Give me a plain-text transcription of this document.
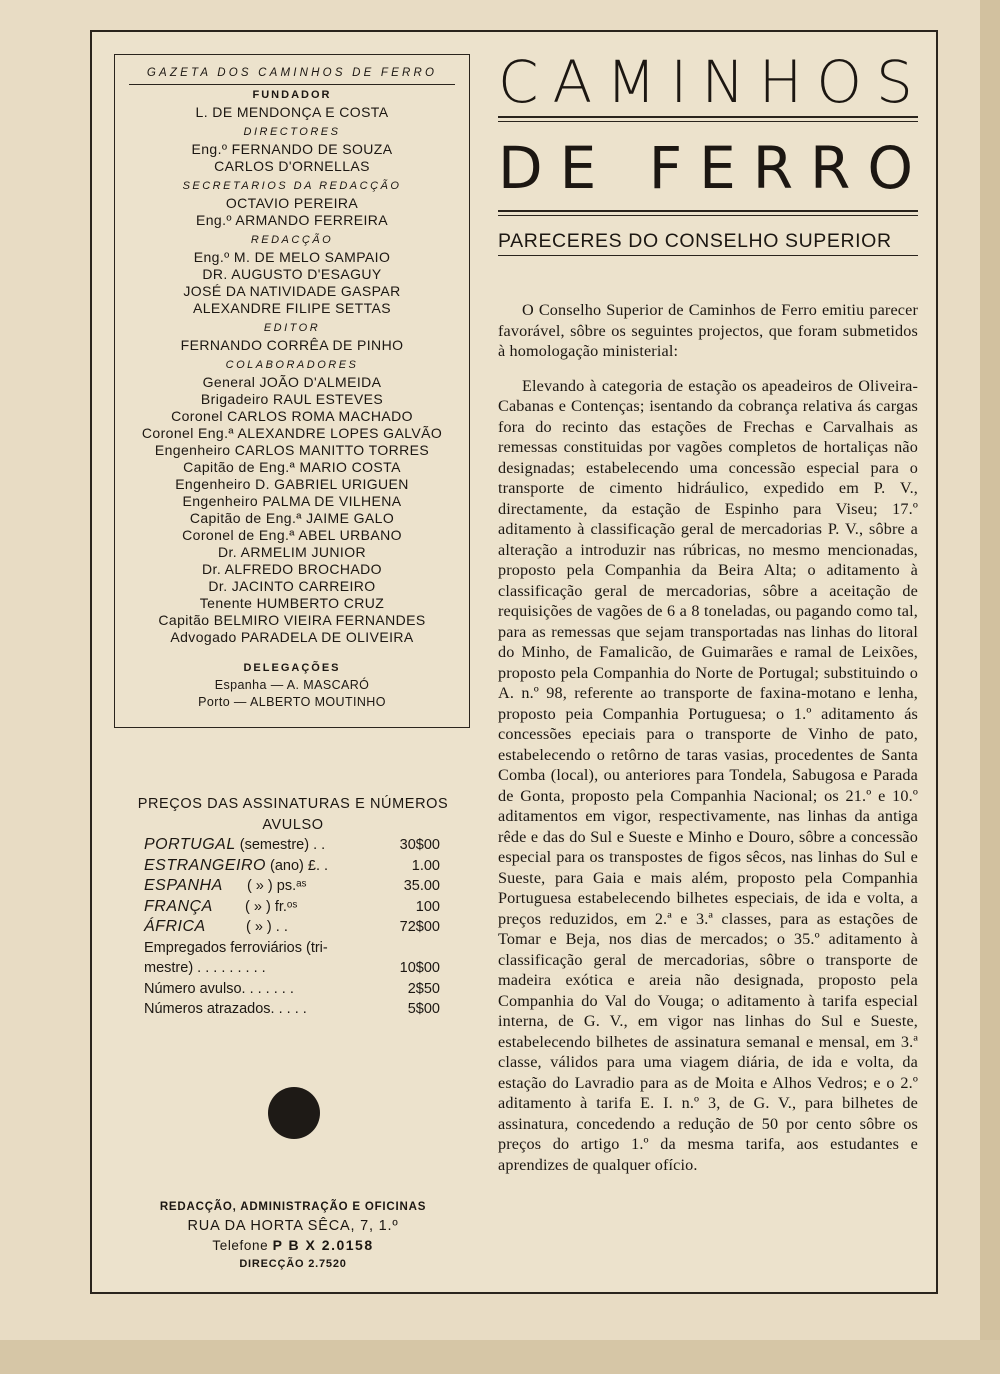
GAZETA DOS CAMINHOS DE FERRO
FUNDADOR
L. DE MENDONÇA E COSTA
DIRECTORES
Eng.º FERNANDO DE SOUZA
CARLOS D'ORNELLAS
SECRETARIOS DA REDACÇÃO
OCTAVIO PEREIRA
Eng.º ARMANDO FERREIRA
REDACÇÃO
Eng.º M. DE MELO SAMPAIO
DR. AUGUSTO D'ESAGUY
JOSÉ DA NATIVIDADE GASPAR
ALEXANDRE FILIPE SETTAS
EDITOR
FERNANDO CORRÊA DE PINHO
COLABORADORES
General JOÃO D'ALMEIDA
Brigadeiro RAUL ESTEVES
Coronel CARLOS ROMA MACHADO
Coronel Eng.ª ALEXANDRE LOPES GALVÃO
Engenheiro CARLOS MANITTO TORRES
Capitão de Eng.ª MARIO COSTA
Engenheiro D. GABRIEL URIGUEN
Engenheiro PALMA DE VILHENA
Capitão de Eng.ª JAIME GALO
Coronel de Eng.ª ABEL URBANO
Dr. ARMELIM JUNIOR
Dr. ALFREDO BROCHADO
Dr. JACINTO CARREIRO
Tenente HUMBERTO CRUZ
Capitão BELMIRO VIEIRA FERNANDES
Advogado PARADELA DE OLIVEIRA
DELEGAÇÕES
Espanha — A. MASCARÓ
Porto — ALBERTO MOUTINHO
PREÇOS DAS ASSINATURAS E NÚMEROS
AVULSO
PORTUGAL (semestre) . .	30$00
ESTRANGEIRO (ano) £. .	1.00
ESPANHA      ( » ) ps.ᵃˢ	35.00
FRANÇA        ( » ) fr.ᵒˢ	100
ÁFRICA          ( » ) . .	72$00
Empregados ferroviários (tri-
mestre) . . . . . . . . .	10$00
Número avulso. . . . . . .	2$50
Números atrazados. . . . .	5$00
REDACÇÃO, ADMINISTRAÇÃO E OFICINAS
RUA DA HORTA SÊCA, 7, 1.º
Telefone P B X 2.0158
DIRECÇÃO 2.7520
CAMINHOS
DE FERRO
PARECERES DO CONSELHO SUPERIOR

O Conselho Superior de Caminhos de Ferro emitiu parecer favorável, sôbre os seguintes projectos, que foram submetidos à homologação ministerial:

Elevando à categoria de estação os apeadeiros de Oliveira-Cabanas e Contenças; isentando da cobrança relativa ás cargas fora do recinto das estações de Frechas e Carvalhais as remessas constituidas por vagões completos de hortaliças não designadas; estabelecendo uma concessão especial para o transporte de cimento hidráulico, expedido em P. V., directamente, da estação de Espinho para Viseu; 17.º aditamento à classificação geral de mercadorias P. V., sôbre a alteração a introduzir nas rúbricas, no mesmo mencionadas, proposto pela Companhia da Beira Alta; o aditamento à classificação geral de mercadorias, sôbre a aceitação de requisições de vagões de 6 a 8 toneladas, ou pagando como tal, para as remessas que sejam transportadas nas linhas do litoral do Minho, de Famalicão, de Guimarães e ramal de Leixões, proposto pela Companhia do Norte de Portugal; substituindo o A. n.º 98, referente ao transporte de faxina-motano e lenha, proposto peia Companhia Portuguesa; o 1.º aditamento ás concessões epeciais para o transporte de Vinho de pato, estabelecendo o retôrno de taras vasias, procedentes de Santa Comba (local), ou anteriores para Tondela, Sabugosa e Parada de Gonta, proposto pela Companhia Nacional; os 21.º e 10.º aditamentos em vigor, respectivamente, nas linhas da antiga rêde e das do Sul e Sueste e Minho e Douro, sôbre a concessão especial para os transpostes de figos sêcos, nas linhas do Sul e Sueste, para Gaia e mais além, proposto pela Companhia Portuguesa estabelecendo bilhetes especiais, de ida e volta, a preços reduzidos, em 2.ª e 3.ª classes, para as estações de Tomar e Beja, nos dias de mercados; o 35.º aditamento à classificação geral de mercadorias, sôbre o transporte de madeira exótica e areia não designada, proposto pela Companhia do Val do Vouga; o aditamento à tarifa especial interna, de G. V., em vigor nas linhas do Sul e Sueste, estabelecendo bilhetes de assinatura semanal e mensal, em 3.ª classe, válidos para uma viagem diária, de ida e volta, da estação do Lavradio para as de Moita e Alhos Vedros; e o 2.º aditamento à tarifa E. I. n.º 3, de G. V., para bilhetes de assinatura, concedendo a redução de 50 por cento sôbre os preços do artigo 1.º da mesma tarifa, aos estudantes e aprendizes de qualquer ofício.
